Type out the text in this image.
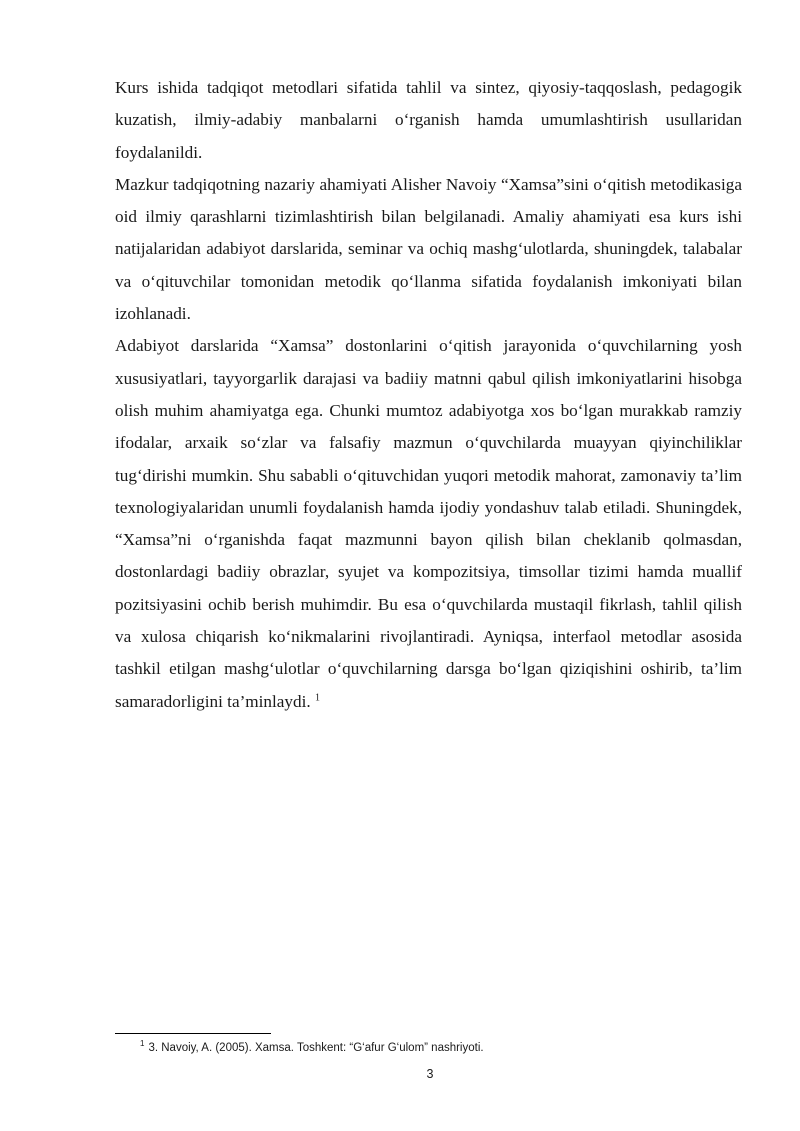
Kurs ishida tadqiqot metodlari sifatida tahlil va sintez, qiyosiy-taqqoslash, pedagogik kuzatish, ilmiy-adabiy manbalarni o‘rganish hamda umumlashtirish usullaridan foydalanildi.

Mazkur tadqiqotning nazariy ahamiyati Alisher Navoiy “Xamsa”sini o‘qitish metodikasiga oid ilmiy qarashlarni tizimlashtirish bilan belgilanadi. Amaliy ahamiyati esa kurs ishi natijalaridan adabiyot darslarida, seminar va ochiq mashg‘ulotlarda, shuningdek, talabalar va o‘qituvchilar tomonidan metodik qo‘llanma sifatida foydalanish imkoniyati bilan izohlanadi.

Adabiyot darslarida “Xamsa” dostonlarini o‘qitish jarayonida o‘quvchilarning yosh xususiyatlari, tayyorgarlik darajasi va badiiy matnni qabul qilish imkoniyatlarini hisobga olish muhim ahamiyatga ega. Chunki mumtoz adabiyotga xos bo‘lgan murakkab ramziy ifodalar, arxaik so‘zlar va falsafiy mazmun o‘quvchilarda muayyan qiyinchiliklar tug‘dirishi mumkin. Shu sababli o‘qituvchidan yuqori metodik mahorat, zamonaviy ta’lim texnologiyalaridan unumli foydalanish hamda ijodiy yondashuv talab etiladi. Shuningdek, “Xamsa”ni o‘rganishda faqat mazmunni bayon qilish bilan cheklanib qolmasdan, dostonlardagi badiiy obrazlar, syujet va kompozitsiya, timsollar tizimi hamda muallif pozitsiyasini ochib berish muhimdir. Bu esa o‘quvchilarda mustaqil fikrlash, tahlil qilish va xulosa chiqarish ko‘nikmalarini rivojlantiradi. Ayniqsa, interfaol metodlar asosida tashkil etilgan mashg‘ulotlar o‘quvchilarning darsga bo‘lgan qiziqishini oshirib, ta’lim samaradorligini ta’minlaydi. $^1$

$^1$ 3. Navoiy, A. (2005). Xamsa. Toshkent: “G‘afur G‘ulom” nashriyoti.
3
